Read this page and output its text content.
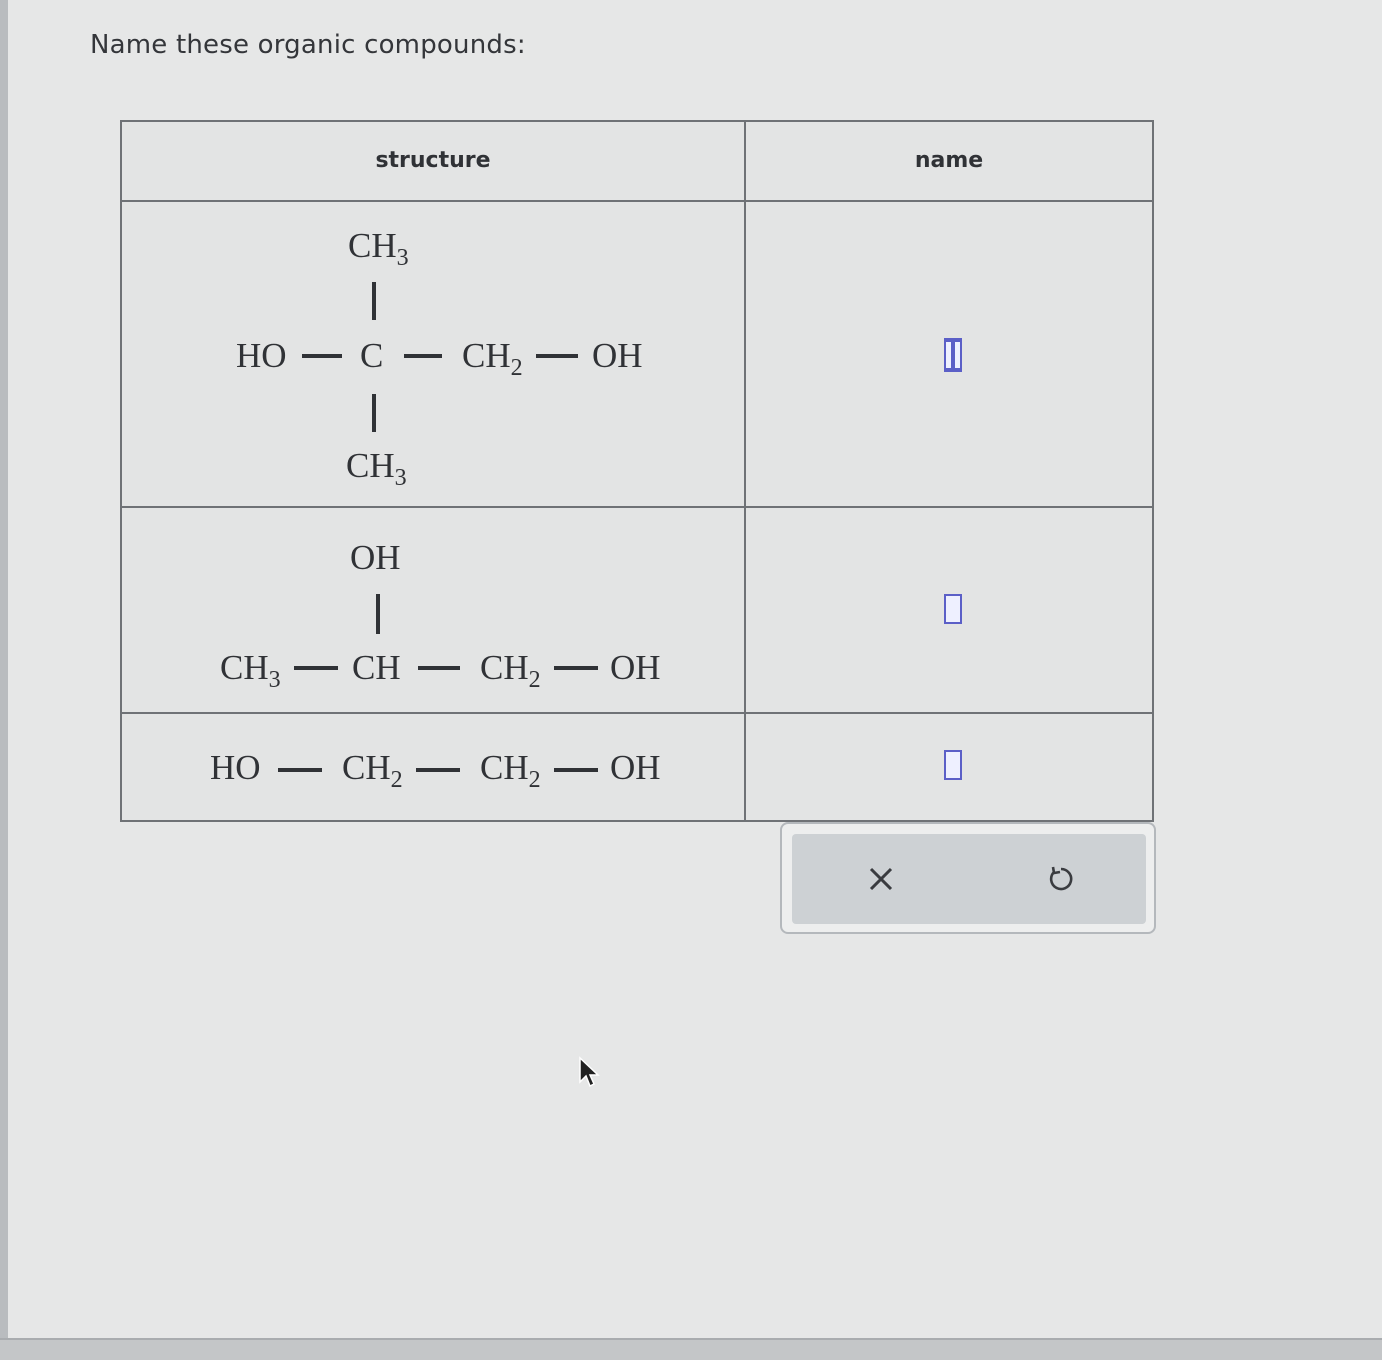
Name these organic compounds:
structure	name
$CH_3$
HO C $CH_2$ OH
$CH_3$
OH
$CH_3$ CH $CH_2$ OH
HO $CH_2$ $CH_2$ OH
